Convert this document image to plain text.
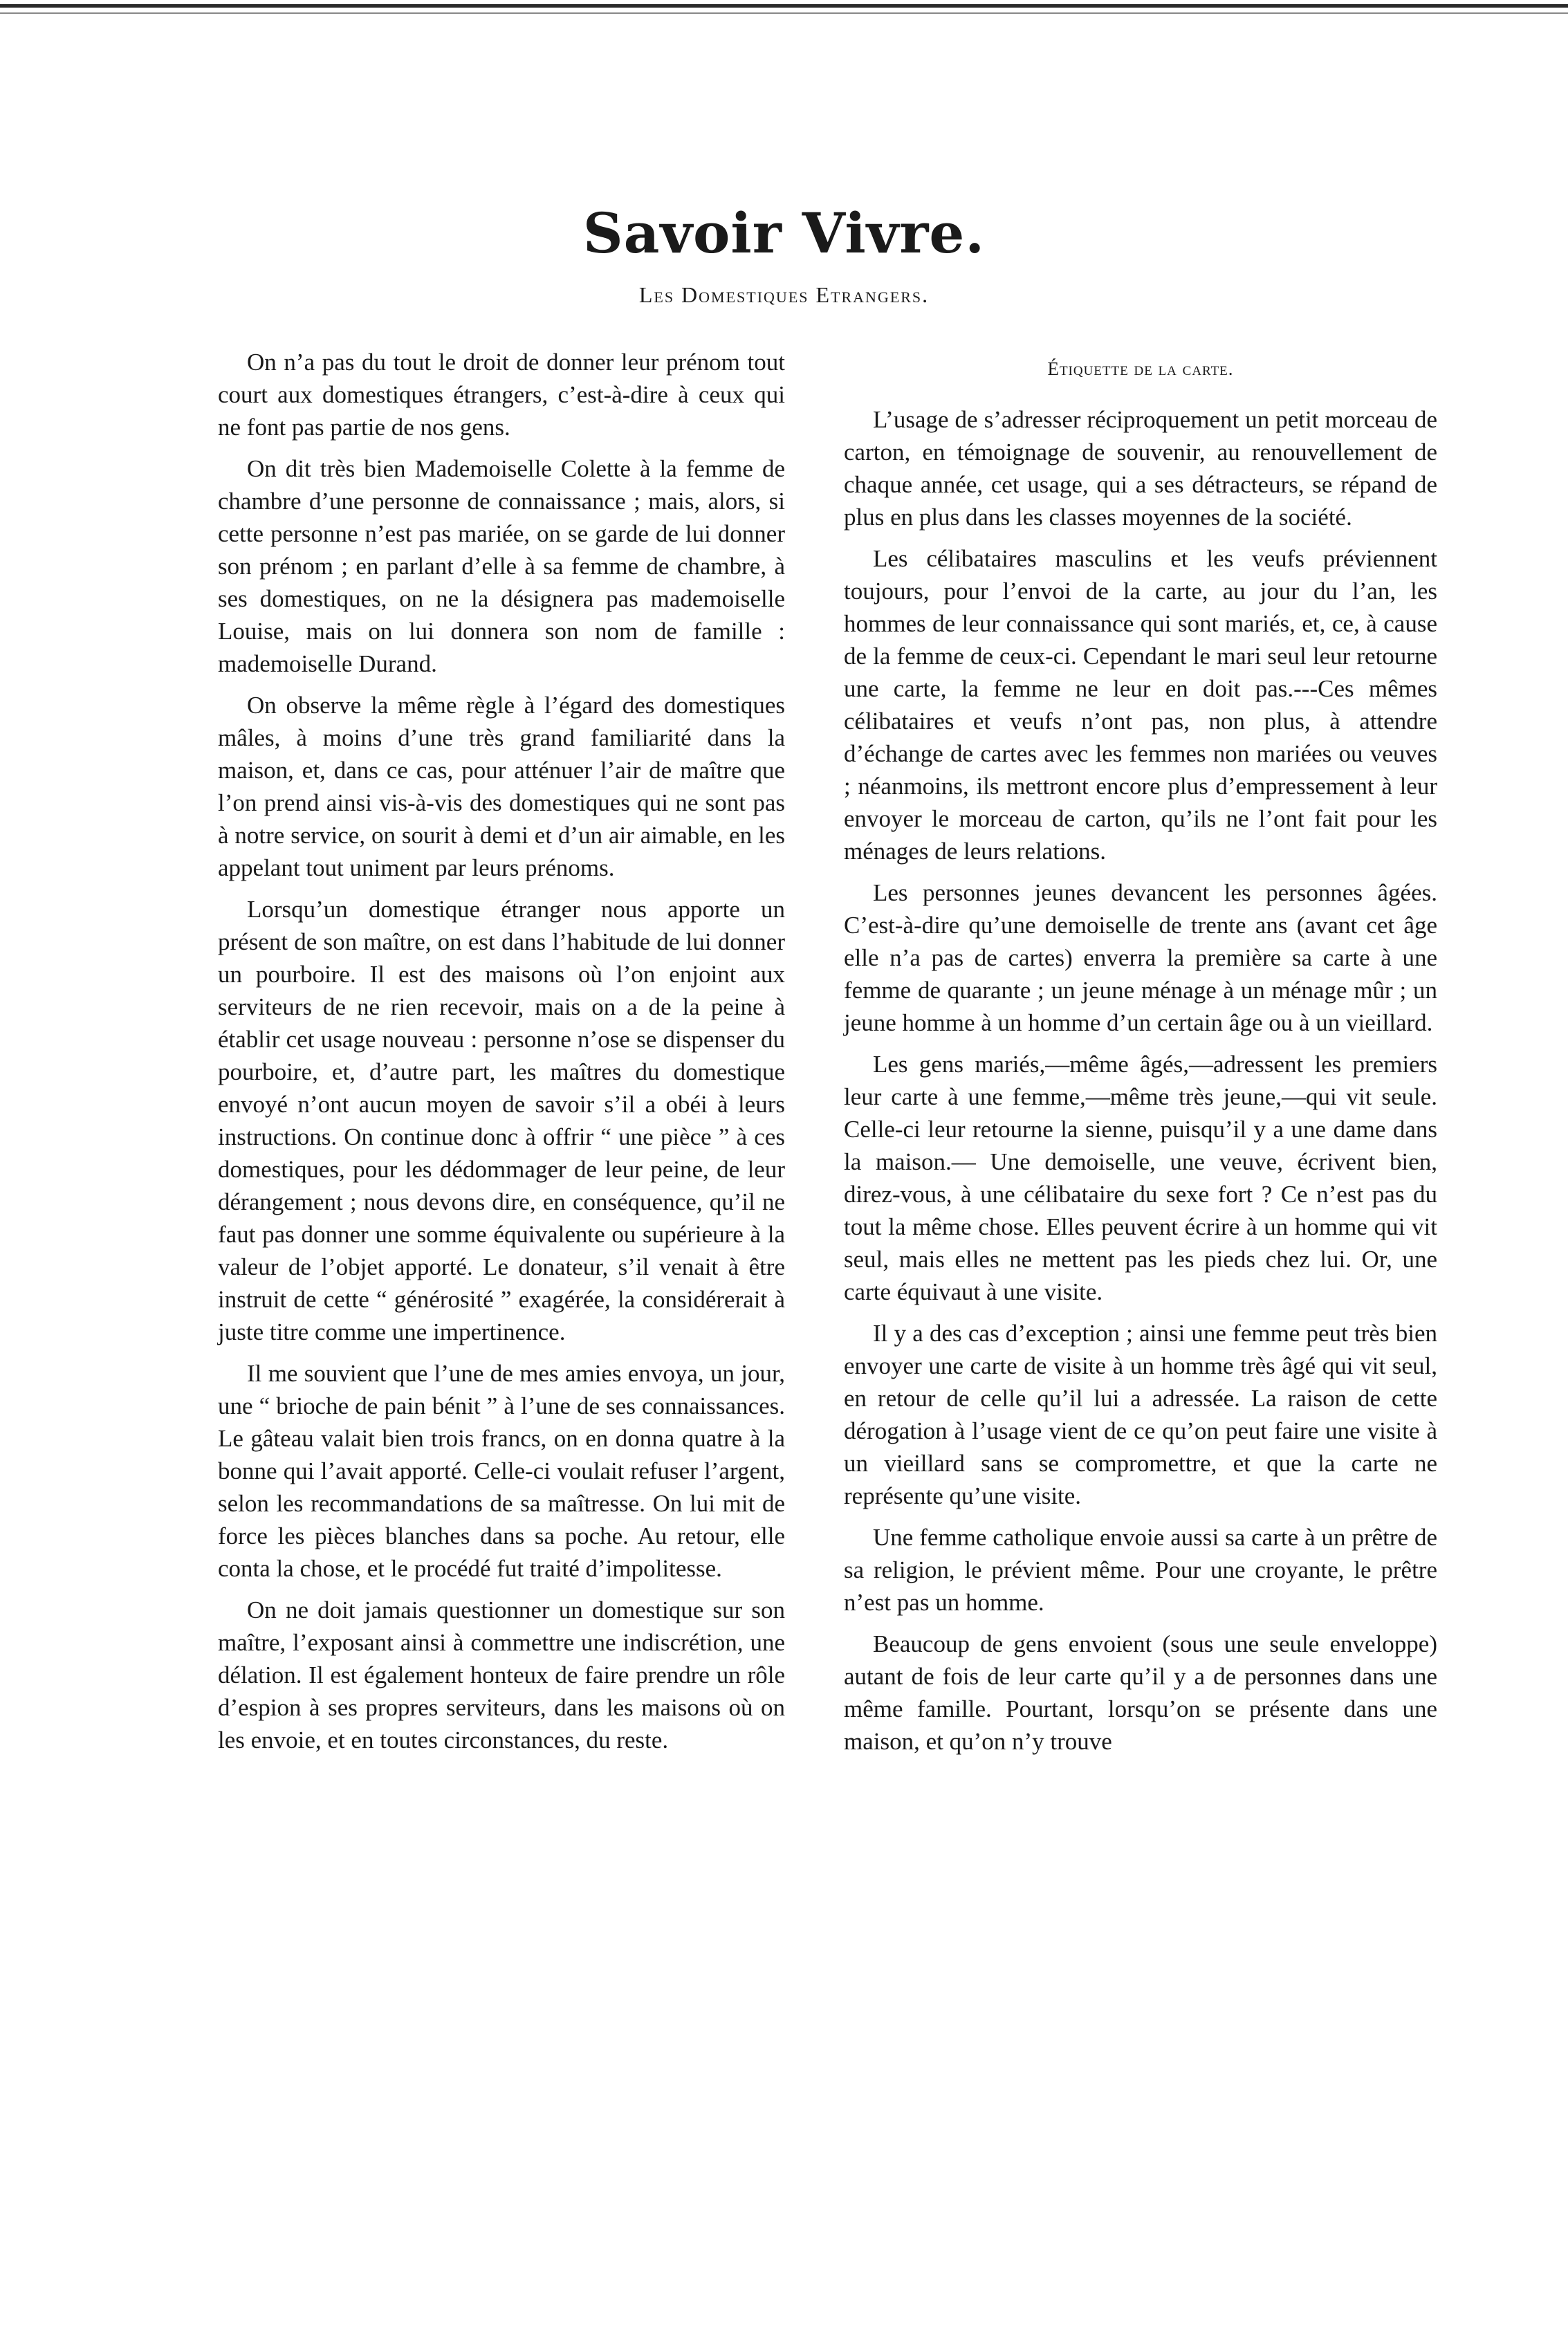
Savoir Vivre.
Les Domestiques Etrangers.

On n’a pas du tout le droit de donner leur prénom tout court aux domestiques étrangers, c’est-à-dire à ceux qui ne font pas partie de nos gens.

On dit très bien Mademoiselle Colette à la femme de chambre d’une personne de connaissance ; mais, alors, si cette personne n’est pas mariée, on se garde de lui donner son prénom ; en parlant d’elle à sa femme de chambre, à ses domestiques, on ne la désignera pas mademoiselle Louise, mais on lui donnera son nom de famille : mademoiselle Durand.

On observe la même règle à l’égard des domestiques mâles, à moins d’une très grand familiarité dans la maison, et, dans ce cas, pour atténuer l’air de maître que l’on prend ainsi vis-à-vis des domestiques qui ne sont pas à notre service, on sourit à demi et d’un air aimable, en les appelant tout uniment par leurs prénoms.

Lorsqu’un domestique étranger nous apporte un présent de son maître, on est dans l’habitude de lui donner un pourboire. Il est des maisons où l’on enjoint aux serviteurs de ne rien recevoir, mais on a de la peine à établir cet usage nouveau : personne n’ose se dispenser du pourboire, et, d’autre part, les maîtres du domestique envoyé n’ont aucun moyen de savoir s’il a obéi à leurs instructions. On continue donc à offrir “ une pièce ” à ces domestiques, pour les dédommager de leur peine, de leur dérangement ; nous devons dire, en conséquence, qu’il ne faut pas donner une somme équivalente ou supérieure à la valeur de l’objet apporté. Le donateur, s’il venait à être instruit de cette “ générosité ” exagérée, la considérerait à juste titre comme une impertinence.

Il me souvient que l’une de mes amies envoya, un jour, une “ brioche de pain bénit ” à l’une de ses connaissances. Le gâteau valait bien trois francs, on en donna quatre à la bonne qui l’avait apporté. Celle-ci voulait refuser l’argent, selon les recommandations de sa maîtresse. On lui mit de force les pièces blanches dans sa poche. Au retour, elle conta la chose, et le procédé fut traité d’impolitesse.

On ne doit jamais questionner un domestique sur son maître, l’exposant ainsi à commettre une indiscrétion, une délation. Il est également honteux de faire prendre un rôle d’espion à ses propres serviteurs, dans les maisons où on les envoie, et en toutes circonstances, du reste.

Étiquette de la carte.

L’usage de s’adresser réciproquement un petit morceau de carton, en témoignage de souvenir, au renouvellement de chaque année, cet usage, qui a ses détracteurs, se répand de plus en plus dans les classes moyennes de la société.

Les célibataires masculins et les veufs préviennent toujours, pour l’envoi de la carte, au jour du l’an, les hommes de leur connaissance qui sont mariés, et, ce, à cause de la femme de ceux-ci. Cependant le mari seul leur retourne une carte, la femme ne leur en doit pas.---Ces mêmes célibataires et veufs n’ont pas, non plus, à attendre d’échange de cartes avec les femmes non mariées ou veuves ; néanmoins, ils mettront encore plus d’empressement à leur envoyer le morceau de carton, qu’ils ne l’ont fait pour les ménages de leurs relations.

Les personnes jeunes devancent les personnes âgées. C’est-à-dire qu’une demoiselle de trente ans (avant cet âge elle n’a pas de cartes) enverra la première sa carte à une femme de quarante ; un jeune ménage à un ménage mûr ; un jeune homme à un homme d’un certain âge ou à un vieillard.

Les gens mariés,—même âgés,—adressent les premiers leur carte à une femme,—même très jeune,—qui vit seule. Celle-ci leur retourne la sienne, puisqu’il y a une dame dans la maison.— Une demoiselle, une veuve, écrivent bien, direz-vous, à une célibataire du sexe fort ? Ce n’est pas du tout la même chose. Elles peuvent écrire à un homme qui vit seul, mais elles ne mettent pas les pieds chez lui. Or, une carte équivaut à une visite.

Il y a des cas d’exception ; ainsi une femme peut très bien envoyer une carte de visite à un homme très âgé qui vit seul, en retour de celle qu’il lui a adressée. La raison de cette dérogation à l’usage vient de ce qu’on peut faire une visite à un vieillard sans se compromettre, et que la carte ne représente qu’une visite.

Une femme catholique envoie aussi sa carte à un prêtre de sa religion, le prévient même. Pour une croyante, le prêtre n’est pas un homme.

Beaucoup de gens envoient (sous une seule enveloppe) autant de fois de leur carte qu’il y a de personnes dans une même famille. Pourtant, lorsqu’on se présente dans une maison, et qu’on n’y trouve
